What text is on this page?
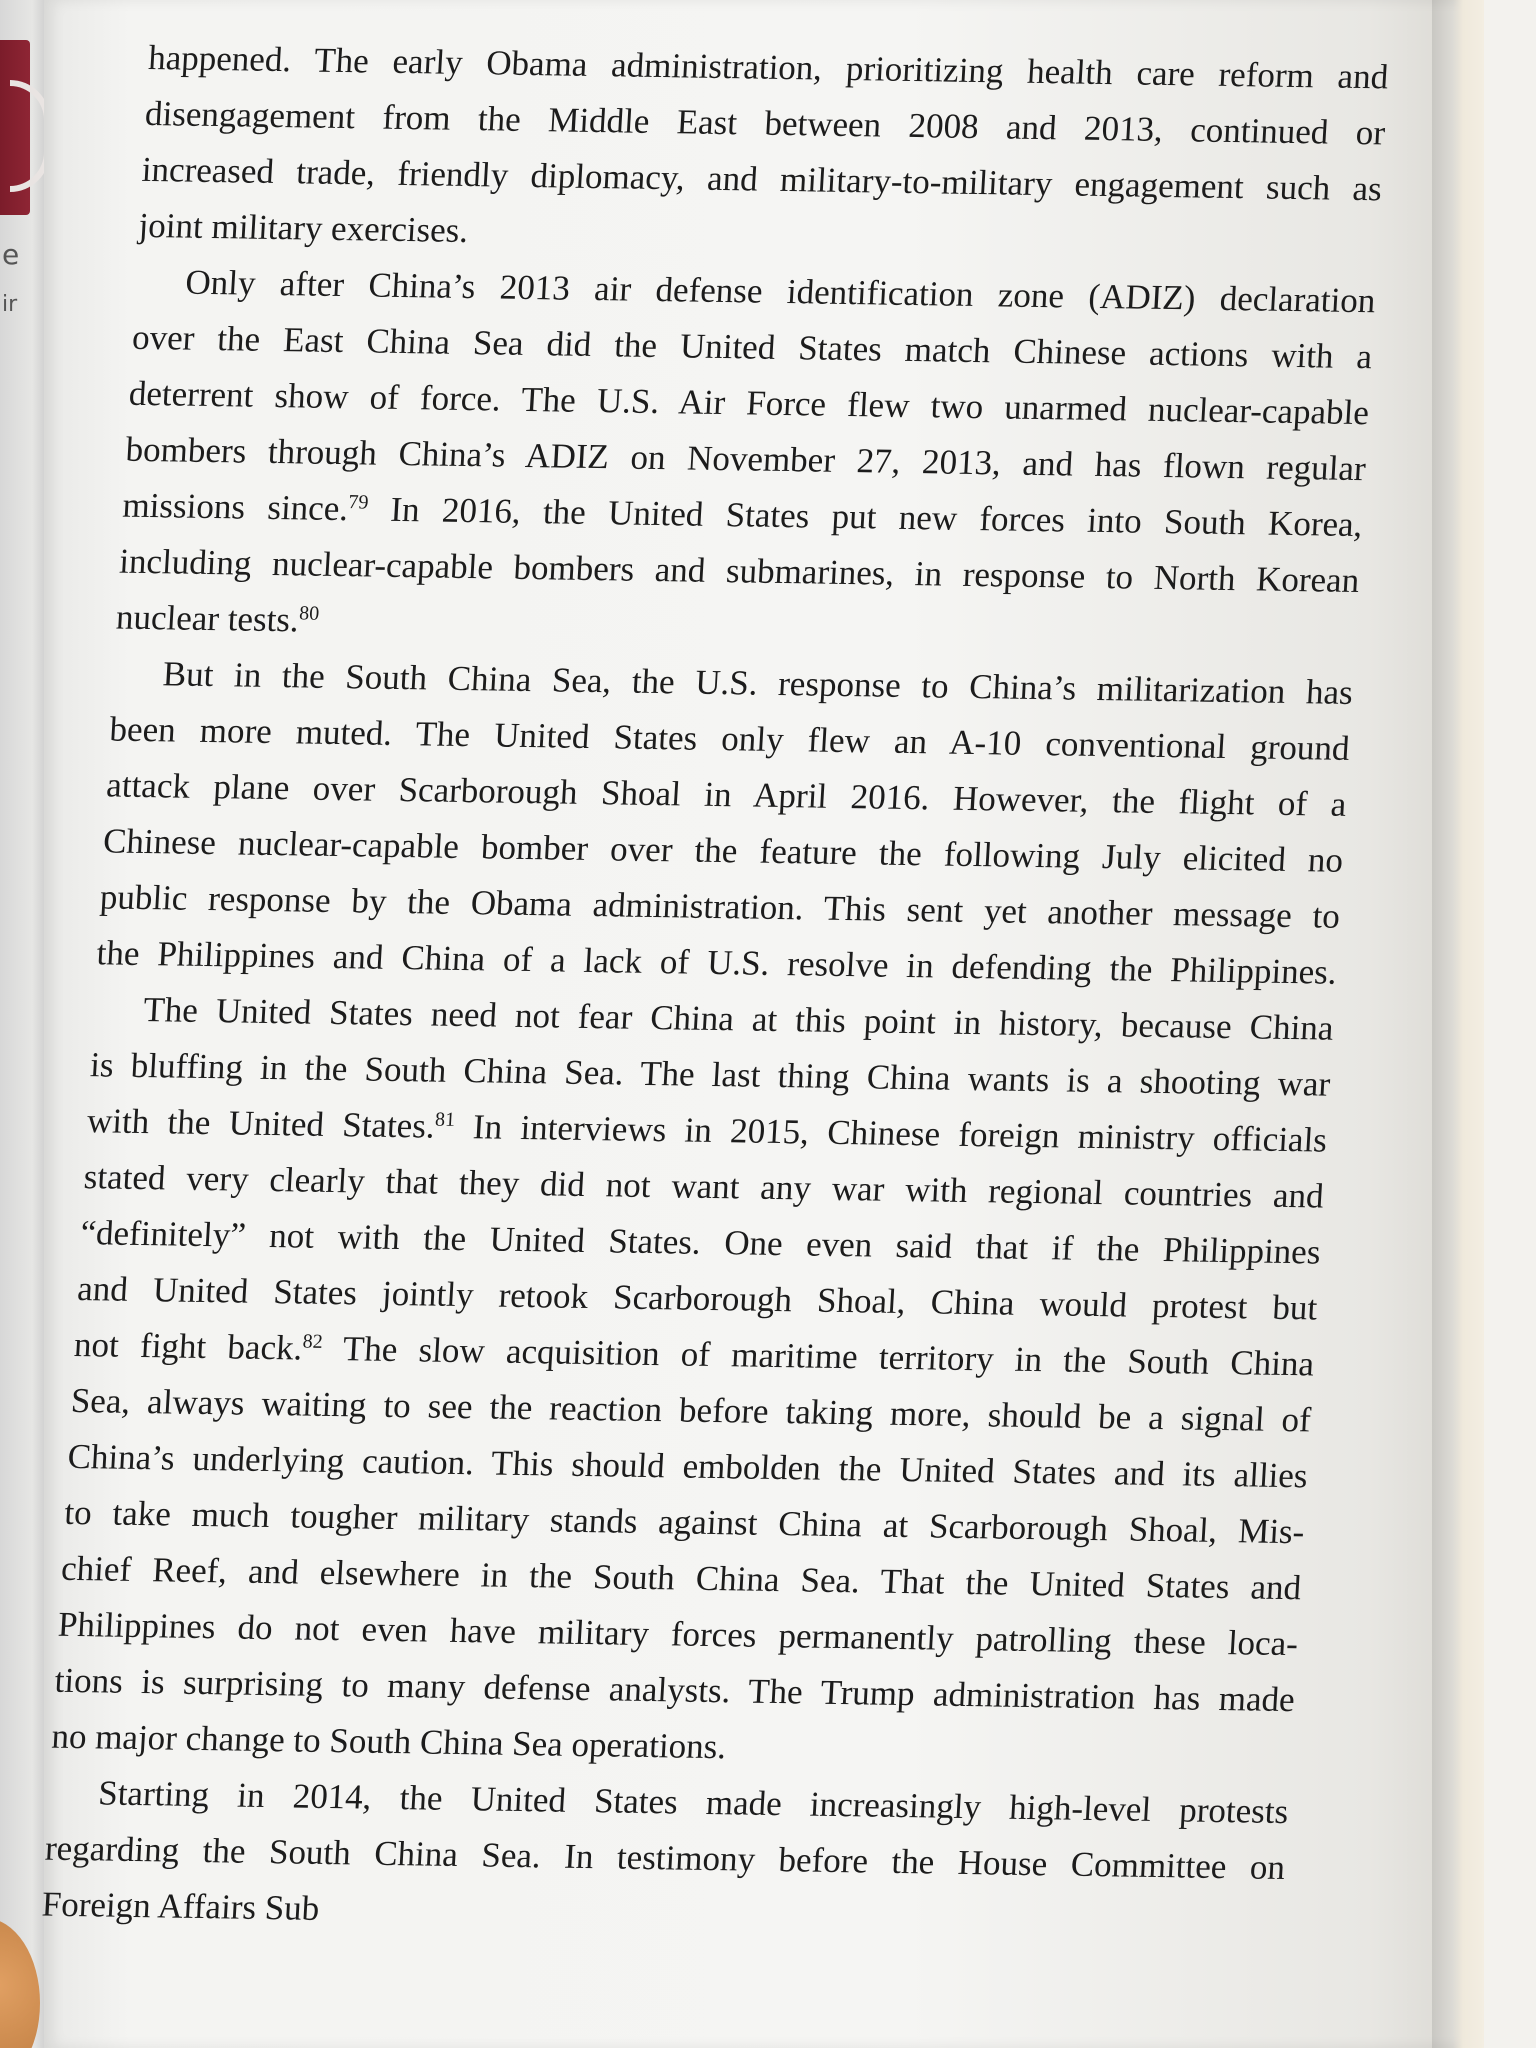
e
ir

happened. The early Obama administration, prioritizing health care reform and
disengagement from the Middle East between 2008 and 2013, continued or
increased trade, friendly diplomacy, and military-to-military engagement such as
joint military exercises.

Only after China’s 2013 air defense identification zone (ADIZ) declaration
over the East China Sea did the United States match Chinese actions with a
deterrent show of force. The U.S. Air Force flew two unarmed nuclear-capable
bombers through China’s ADIZ on November 27, 2013, and has flown regular
missions since.$^{79}$ In 2016, the United States put new forces into South Korea,
including nuclear-capable bombers and submarines, in response to North Korean
nuclear tests.$^{80}$

But in the South China Sea, the U.S. response to China’s militarization has
been more muted. The United States only flew an A-10 conventional ground
attack plane over Scarborough Shoal in April 2016. However, the flight of a
Chinese nuclear-capable bomber over the feature the following July elicited no
public response by the Obama administration. This sent yet another message to
the Philippines and China of a lack of U.S. resolve in defending the Philippines.

The United States need not fear China at this point in history, because China
is bluffing in the South China Sea. The last thing China wants is a shooting war
with the United States.$^{81}$ In interviews in 2015, Chinese foreign ministry officials
stated very clearly that they did not want any war with regional countries and
“definitely” not with the United States. One even said that if the Philippines
and United States jointly retook Scarborough Shoal, China would protest but
not fight back.$^{82}$ The slow acquisition of maritime territory in the South China
Sea, always waiting to see the reaction before taking more, should be a signal of
China’s underlying caution. This should embolden the United States and its allies
to take much tougher military stands against China at Scarborough Shoal, Mis-
chief Reef, and elsewhere in the South China Sea. That the United States and
Philippines do not even have military forces permanently patrolling these loca-
tions is surprising to many defense analysts. The Trump administration has made
no major change to South China Sea operations.

Starting in 2014, the United States made increasingly high-level protests
regarding the South China Sea. In testimony before the House Committee on
Foreign Affairs Sub
